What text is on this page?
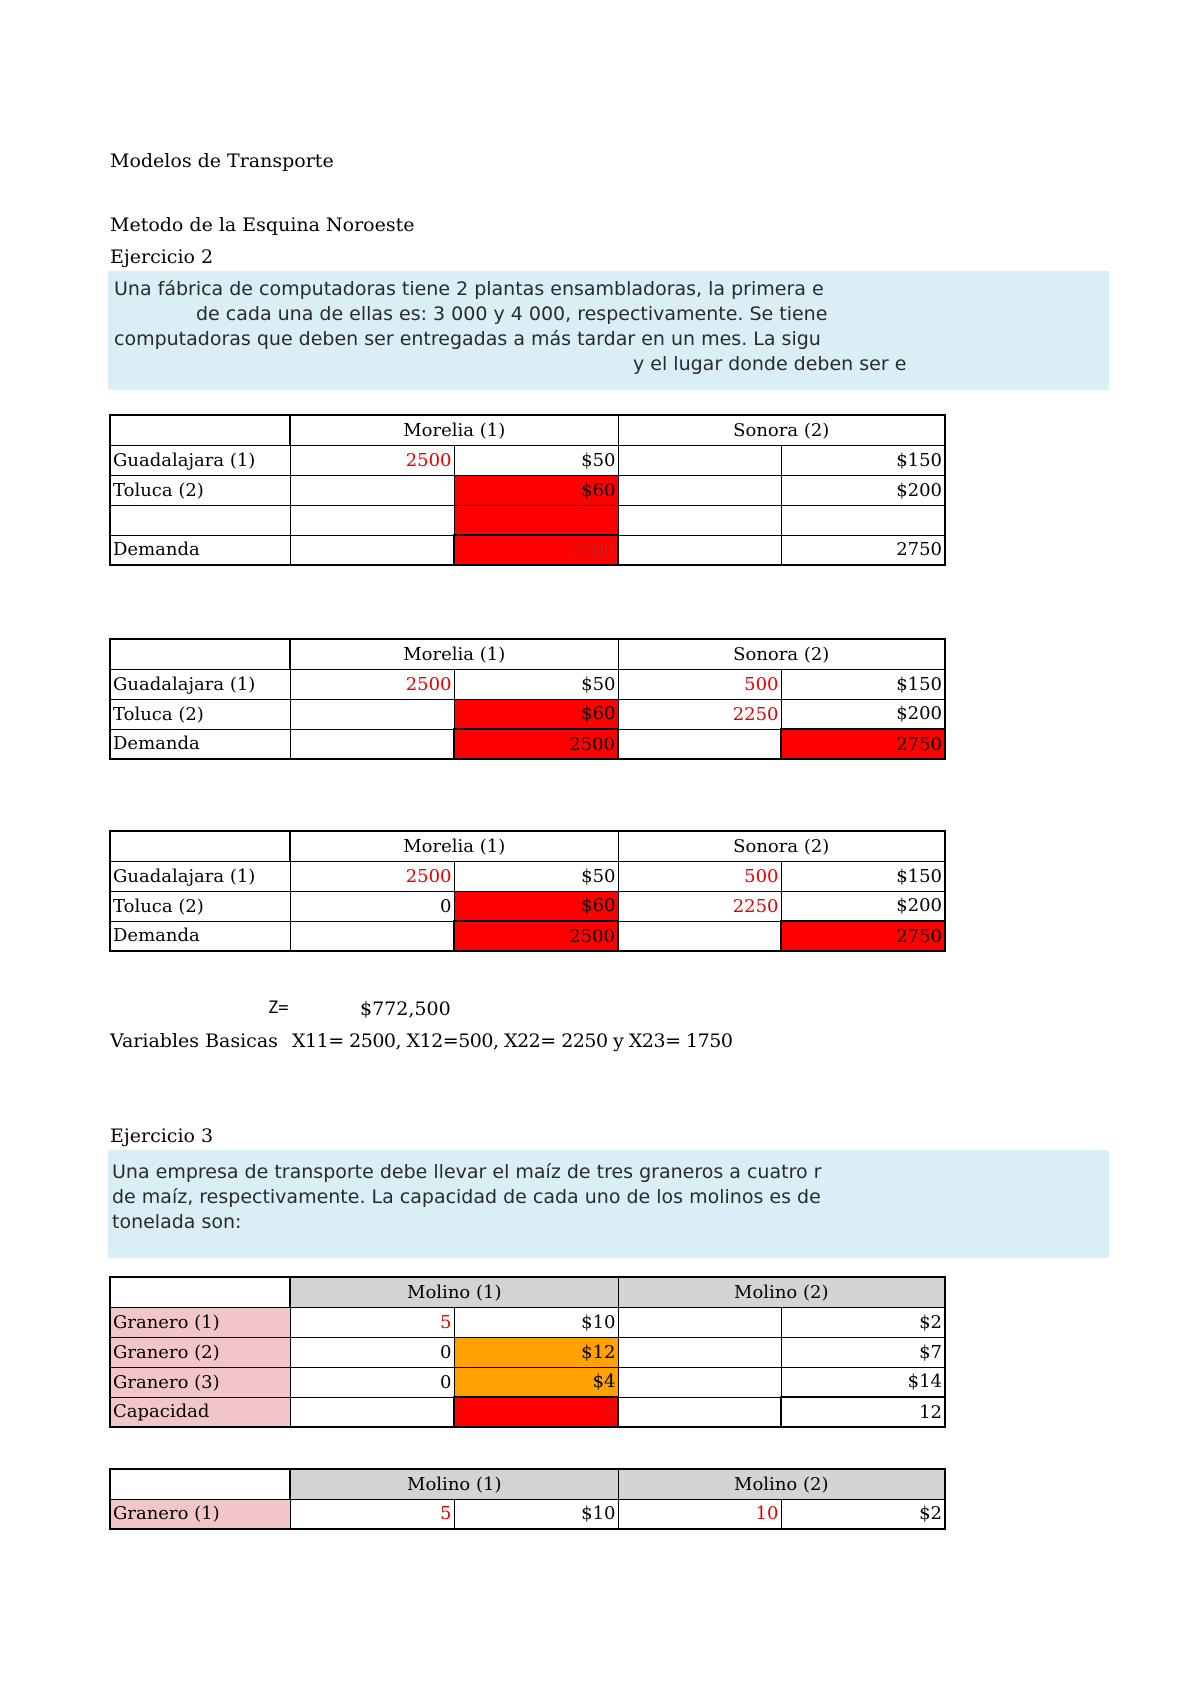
Modelos de Transporte
Metodo de la Esquina Noroeste
Ejercicio 2
Una fábrica de computadoras tiene 2 plantas ensambladoras, la primera e
de cada una de ellas es: 3 000 y 4 000, respectivamente. Se tiene
computadoras que deben ser entregadas a más tardar en un mes. La sigu
y el lugar donde deben ser e
	Morelia (1)		Sonora (2)	
Guadalajara (1)	2500	$50		$150
Toluca (2)		$60		$200

Demanda		2500		2750
	Morelia (1)		Sonora (2)	
Guadalajara (1)	2500	$50	500	$150
Toluca (2)		$60	2250	$200
Demanda		2500		2750
	Morelia (1)		Sonora (2)	
Guadalajara (1)	2500	$50	500	$150
Toluca (2)	0	$60	2250	$200
Demanda		2500		2750
Z=	$772,500
Variables Basicas X11= 2500, X12=500, X22= 2250 y X23= 1750
Ejercicio 3
Una empresa de transporte debe llevar el maíz de tres graneros a cuatro r
de maíz, respectivamente. La capacidad de cada uno de los molinos es de
tonelada son:
	Molino (1)		Molino (2)	
Granero (1)	5	$10		$2
Granero (2)	0	$12		$7
Granero (3)	0	$4		$14
Capacidad		5		12
	Molino (1)		Molino (2)	
Granero (1)	5	$10	10	$2
